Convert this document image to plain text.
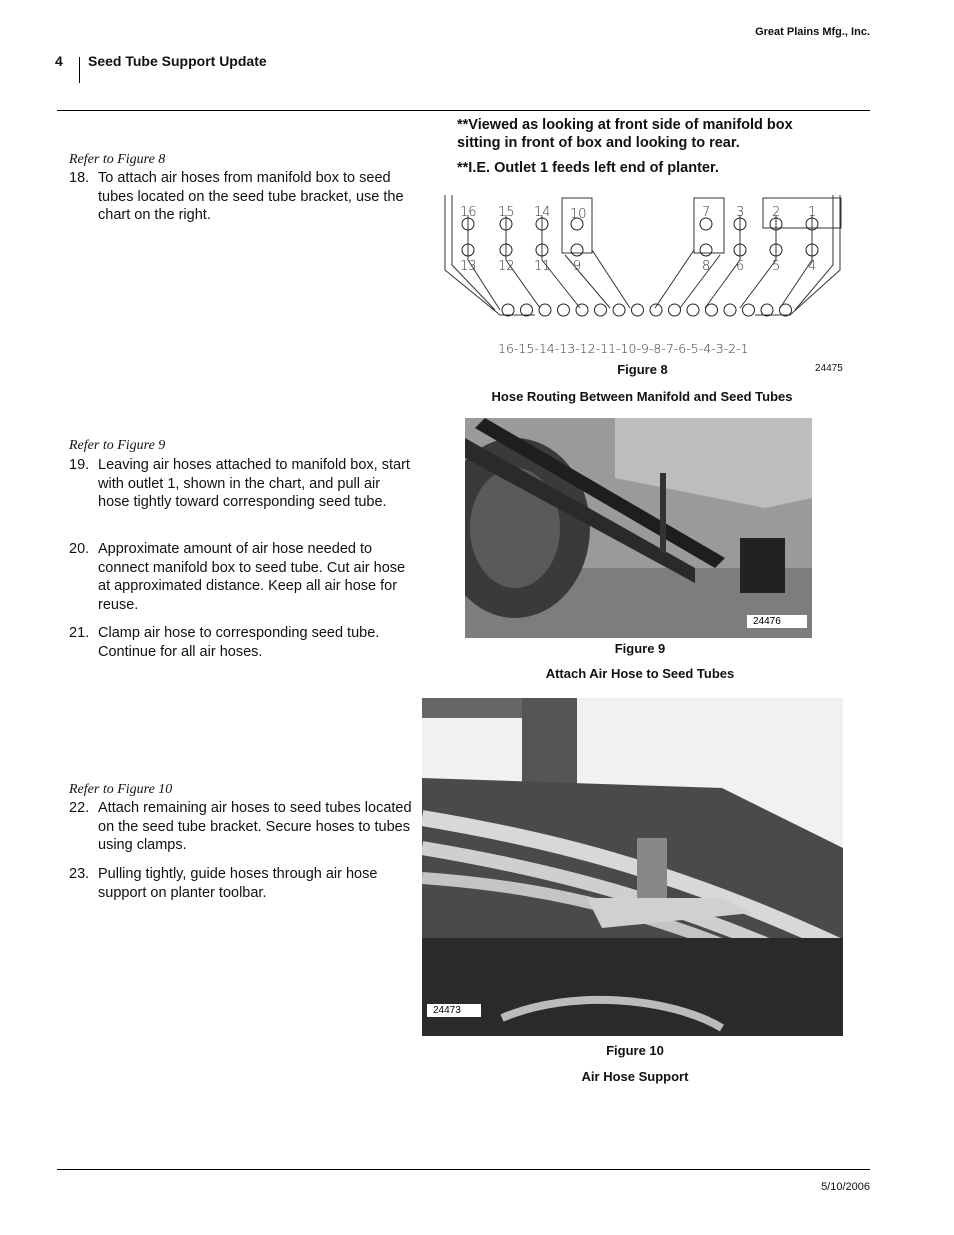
Great Plains Mfg., Inc.
4 Seed Tube Support Update
Refer to Figure 8
18. To attach air hoses from manifold box to seed tubes located on the seed tube bracket, use the chart on the right.
**Viewed as looking at front side of manifold box sitting in front of box and looking to rear.
**I.E. Outlet 1 feeds left end of planter.
16 15 14 10	7 3 2 1
13 12 11 9	8 6 5 4
16-15-14-13-12-11-10-9-8-7-6-5-4-3-2-1
Figure 8	24475
Hose Routing Between Manifold and Seed Tubes
Refer to Figure 9
19. Leaving air hoses attached to manifold box, start with outlet 1, shown in the chart, and pull air hose tightly toward corresponding seed tube.
20. Approximate amount of air hose needed to connect manifold box to seed tube. Cut air hose at approximated distance. Keep all air hose for reuse.
21. Clamp air hose to corresponding seed tube. Continue for all air hoses.
24476
Figure 9
Attach Air Hose to Seed Tubes
Refer to Figure 10
22. Attach remaining air hoses to seed tubes located on the seed tube bracket. Secure hoses to tubes using clamps.
23. Pulling tightly, guide hoses through air hose support on planter toolbar.
24473
Figure 10
Air Hose Support
5/10/2006
